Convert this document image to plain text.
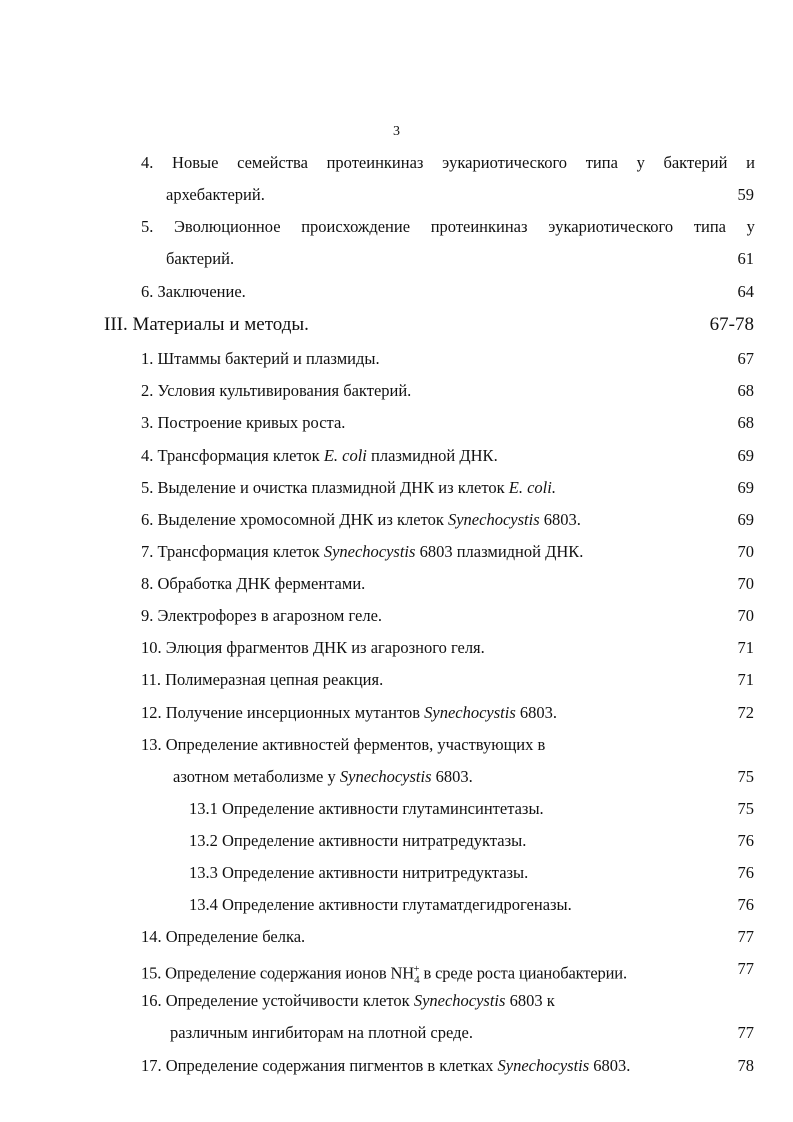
3
4. Новые семейства протеинкиназ эукариотического типа у бактерий и
архебактерий.	59
5. Эволюционное происхождение протеинкиназ эукариотического типа у
бактерий.	61
6. Заключение.	64
III. Материалы и методы.	67-78
1. Штаммы бактерий и плазмиды.	67
2. Условия культивирования бактерий.	68
3. Построение кривых роста.	68
4. Трансформация клеток E. coli плазмидной ДНК.	69
5. Выделение и очистка плазмидной ДНК из клеток E. coli.	69
6. Выделение хромосомной ДНК из клеток Synechocystis 6803.	69
7. Трансформация клеток Synechocystis 6803 плазмидной ДНК.	70
8. Обработка ДНК ферментами.	70
9. Электрофорез в агарозном геле.	70
10. Элюция фрагментов ДНК из агарозного геля.	71
11. Полимеразная цепная реакция.	71
12. Получение инсерционных мутантов Synechocystis 6803.	72
13. Определение активностей ферментов, участвующих в
азотном метаболизме у Synechocystis 6803.	75
13.1 Определение активности глутаминсинтетазы.	75
13.2 Определение активности нитратредуктазы.	76
13.3 Определение активности нитритредуктазы.	76
13.4 Определение активности глутаматдегидрогеназы.	76
14. Определение белка.	77
15. Определение содержания ионов $NH_4^+$ в среде роста цианобактерии.	77
16. Определение устойчивости клеток Synechocystis 6803 к
различным ингибиторам на плотной среде.	77
17. Определение содержания пигментов в клетках Synechocystis 6803.	78
